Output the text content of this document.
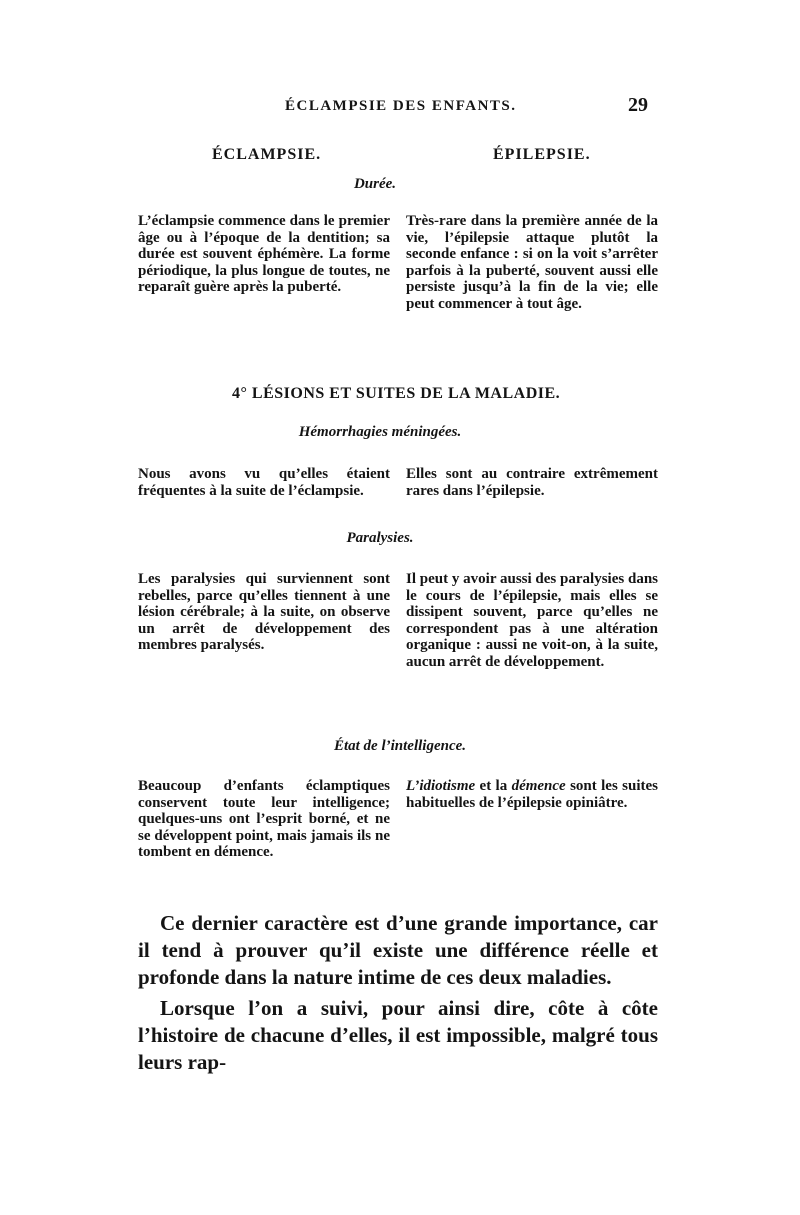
ÉCLAMPSIE DES ENFANTS.	29
ÉCLAMPSIE.	ÉPILEPSIE.
Durée.
L’éclampsie commence dans le premier âge ou à l’époque de la dentition; sa durée est souvent éphémère. La forme périodique, la plus longue de toutes, ne reparaît guère après la puberté.
Très-rare dans la première année de la vie, l’épilepsie attaque plutôt la seconde enfance : si on la voit s’arrêter parfois à la puberté, souvent aussi elle persiste jusqu’à la fin de la vie; elle peut commencer à tout âge.
4° LÉSIONS ET SUITES DE LA MALADIE.
Hémorrhagies méningées.
Nous avons vu qu’elles étaient fréquentes à la suite de l’éclampsie.
Elles sont au contraire extrêmement rares dans l’épilepsie.
Paralysies.
Les paralysies qui surviennent sont rebelles, parce qu’elles tiennent à une lésion cérébrale; à la suite, on observe un arrêt de développement des membres paralysés.
Il peut y avoir aussi des paralysies dans le cours de l’épilepsie, mais elles se dissipent souvent, parce qu’elles ne correspondent pas à une altération organique : aussi ne voit-on, à la suite, aucun arrêt de développement.
État de l’intelligence.
Beaucoup d’enfants éclamptiques conservent toute leur intelligence; quelques-uns ont l’esprit borné, et ne se développent point, mais jamais ils ne tombent en démence.
L’idiotisme et la démence sont les suites habituelles de l’épilepsie opiniâtre.

Ce dernier caractère est d’une grande importance, car il tend à prouver qu’il existe une différence réelle et profonde dans la nature intime de ces deux maladies.

Lorsque l’on a suivi, pour ainsi dire, côte à côte l’histoire de chacune d’elles, il est impossible, malgré tous leurs rap-
